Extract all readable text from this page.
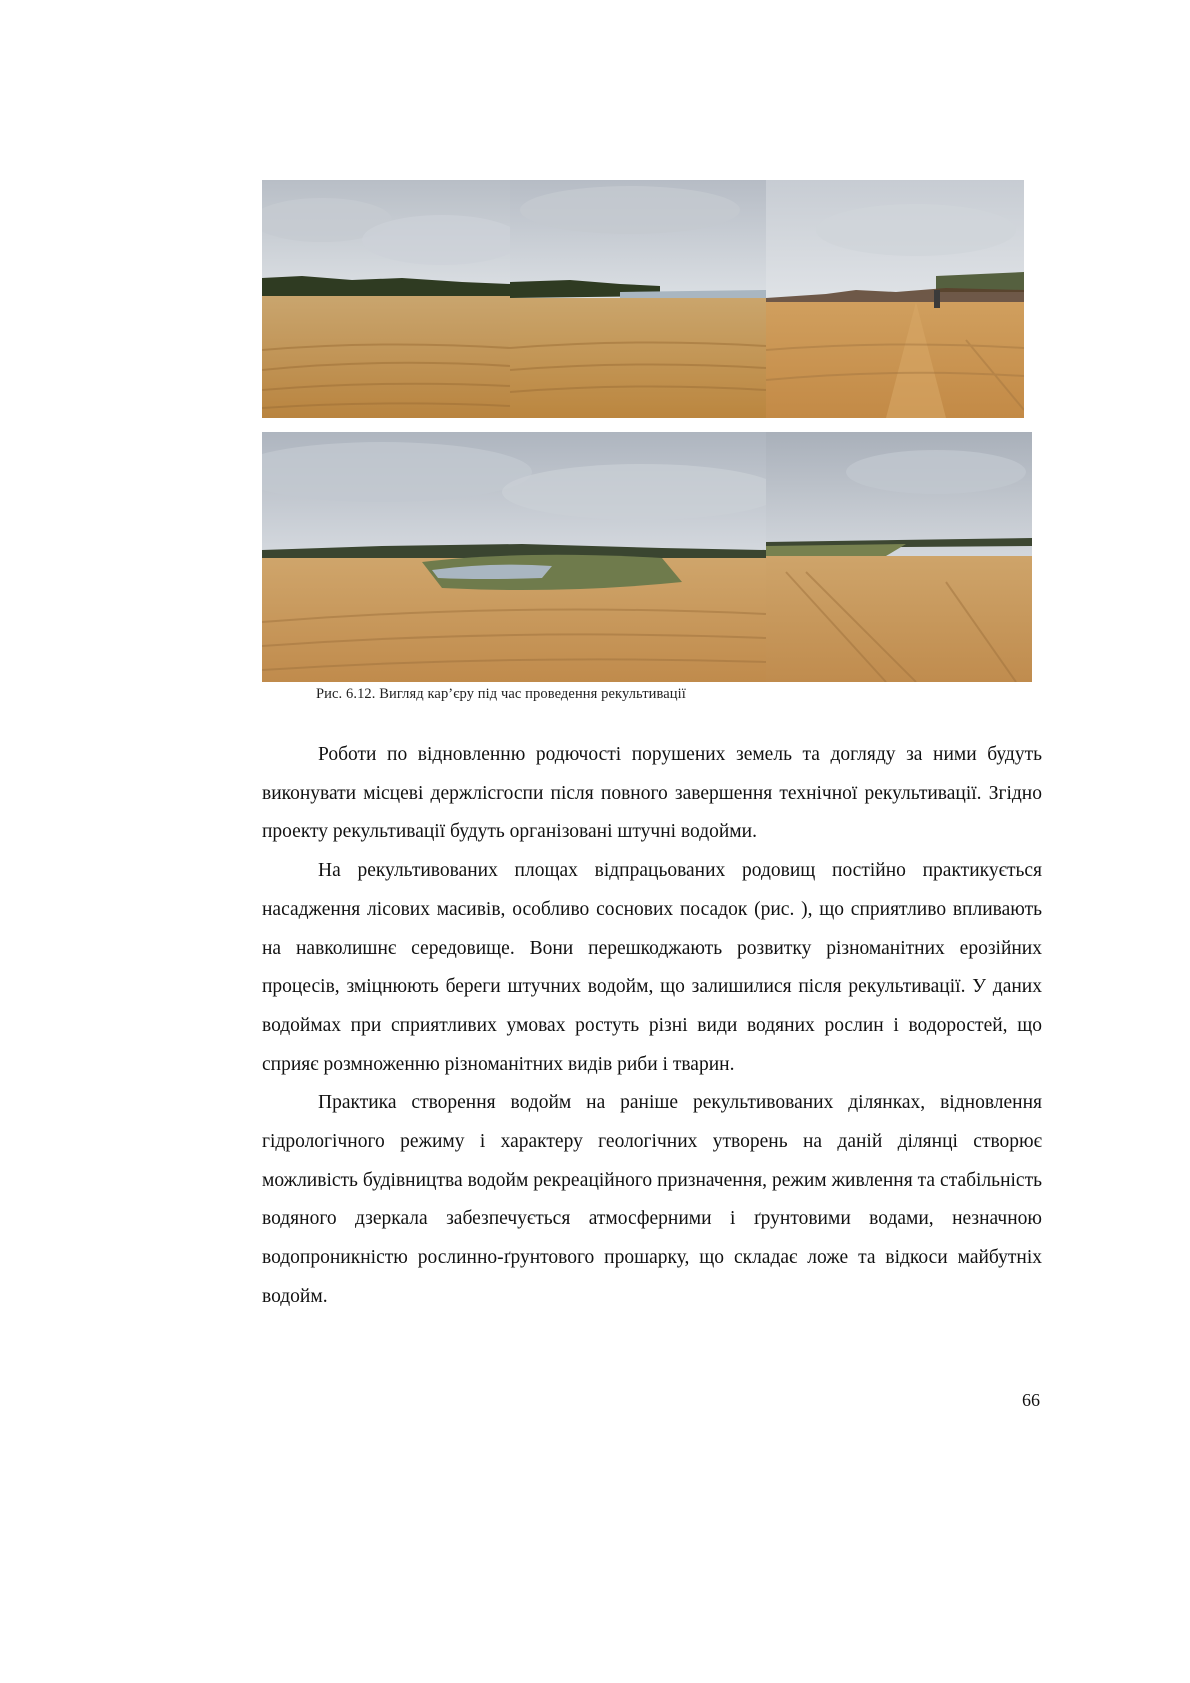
Рис. 6.12. Вигляд кар’єру під час проведення рекультивації

Роботи по відновленню родючості порушених земель та догляду за ними будуть виконувати місцеві держлісгоспи після повного завершення технічної рекультивації. Згідно проекту рекультивації будуть організовані штучні водойми.

На рекультивованих площах відпрацьованих родовищ постійно практикується насадження лісових масивів, особливо соснових посадок (рис. ), що сприятливо впливають на навколишнє середовище. Вони перешкоджають розвитку різноманітних ерозійних процесів, зміцнюють береги штучних водойм, що залишилися після рекультивації. У даних водоймах при сприятливих умовах ростуть різні види водяних рослин і водоростей, що сприяє розмноженню різноманітних видів риби і тварин.

Практика створення водойм на раніше рекультивованих ділянках, відновлення гідрологічного режиму і характеру геологічних утворень на даній ділянці створює можливість будівництва водойм рекреаційного призначення, режим живлення та стабільність водяного дзеркала забезпечується атмосферними і ґрунтовими водами, незначною водопроникністю рослинно-ґрунтового прошарку, що складає ложе та відкоси майбутніх водойм.

66
